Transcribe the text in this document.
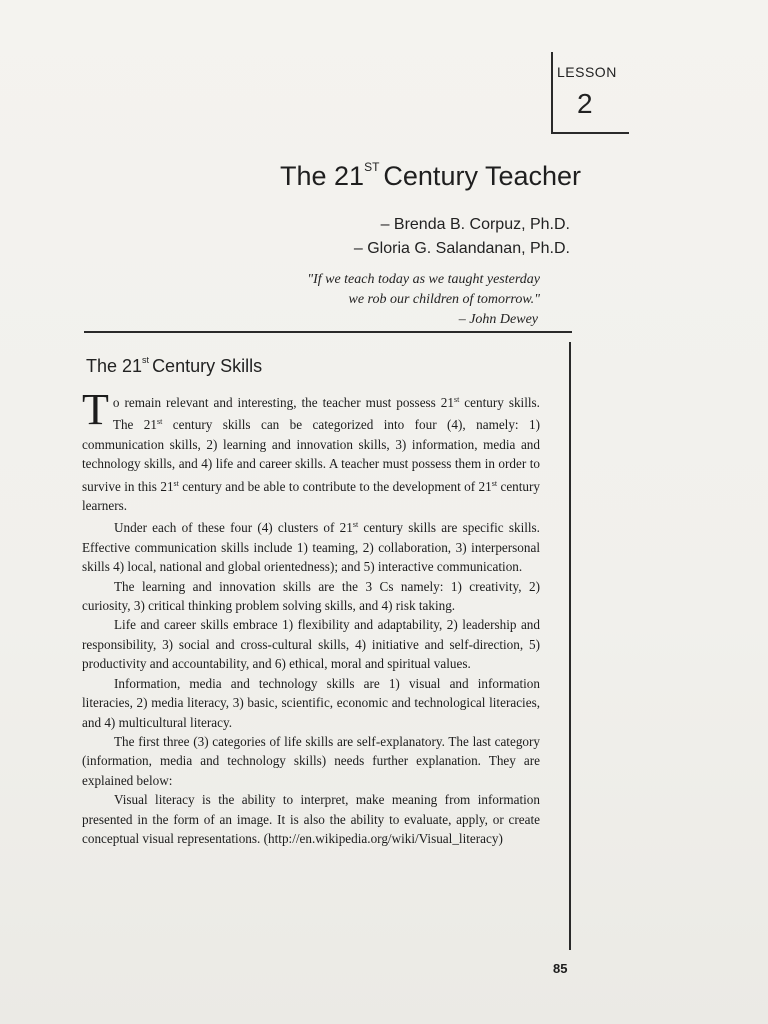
LESSON
2
The 21ST Century Teacher
– Brenda B. Corpuz, Ph.D.
– Gloria G. Salandanan, Ph.D.
"If we teach today as we taught yesterday
we rob our children of tomorrow."
– John Dewey
The 21st Century Skills

To remain relevant and interesting, the teacher must possess 21st century skills. The 21st century skills can be categorized into four (4), namely: 1) communication skills, 2) learning and innovation skills, 3) information, media and technology skills, and 4) life and career skills. A teacher must possess them in order to survive in this 21st century and be able to contribute to the development of 21st century learners.

Under each of these four (4) clusters of 21st century skills are specific skills. Effective communication skills include 1) teaming, 2) collaboration, 3) interpersonal skills 4) local, national and global orientedness); and 5) interactive communication.

The learning and innovation skills are the 3 Cs namely: 1) creativity, 2) curiosity, 3) critical thinking problem solving skills, and 4) risk taking.

Life and career skills embrace 1) flexibility and adaptability, 2) leadership and responsibility, 3) social and cross-cultural skills, 4) initiative and self-direction, 5) productivity and accountability, and 6) ethical, moral and spiritual values.

Information, media and technology skills are 1) visual and information literacies, 2) media literacy, 3) basic, scientific, economic and technological literacies, and 4) multicultural literacy.

The first three (3) categories of life skills are self-explanatory. The last category (information, media and technology skills) needs further explanation. They are explained below:

Visual literacy is the ability to interpret, make meaning from information presented in the form of an image. It is also the ability to evaluate, apply, or create conceptual visual representations. (http://en.wikipedia.org/wiki/Visual_literacy)

85
